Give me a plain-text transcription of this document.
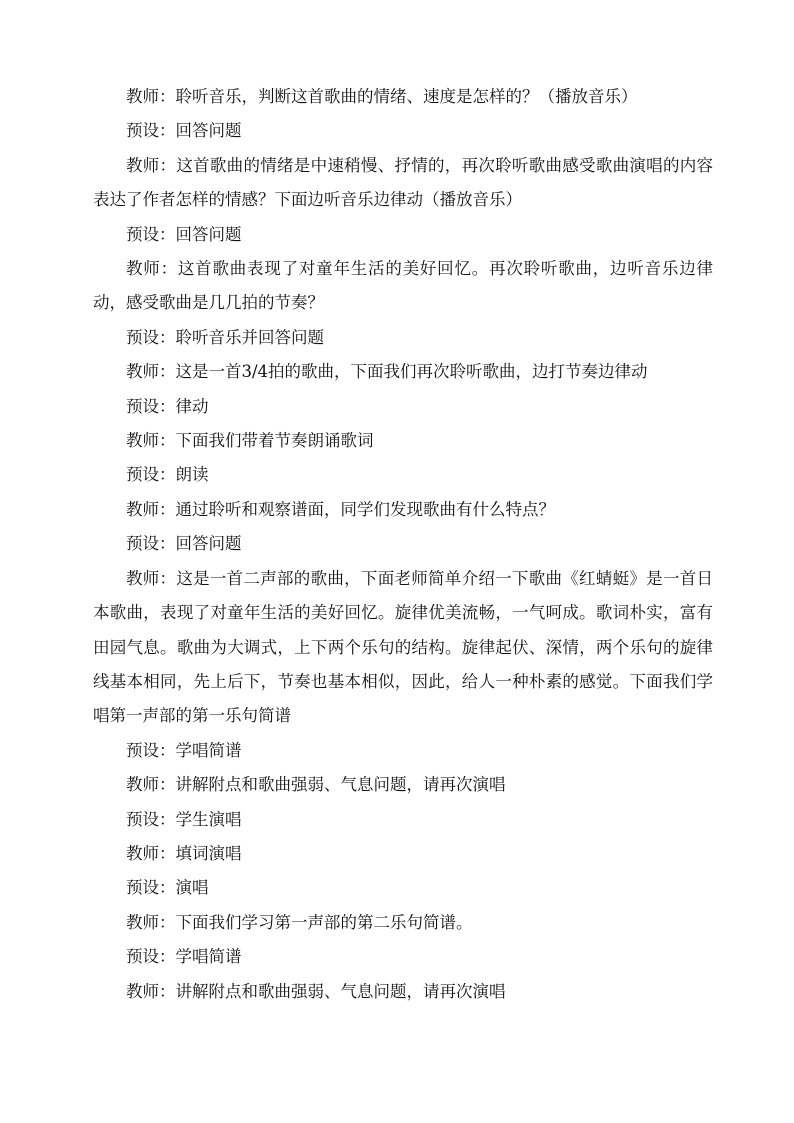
教师：聆听音乐，判断这首歌曲的情绪、速度是怎样的？（播放音乐）

预设：回答问题

教师：这首歌曲的情绪是中速稍慢、抒情的，再次聆听歌曲感受歌曲演唱的内容表达了作者怎样的情感？下面边听音乐边律动（播放音乐）

预设：回答问题

教师：这首歌曲表现了对童年生活的美好回忆。再次聆听歌曲，边听音乐边律动，感受歌曲是几几拍的节奏？

预设：聆听音乐并回答问题

教师：这是一首3/4拍的歌曲，下面我们再次聆听歌曲，边打节奏边律动

预设：律动

教师：下面我们带着节奏朗诵歌词

预设：朗读

教师：通过聆听和观察谱面，同学们发现歌曲有什么特点？

预设：回答问题

教师：这是一首二声部的歌曲，下面老师简单介绍一下歌曲《红蜻蜓》是一首日本歌曲，表现了对童年生活的美好回忆。旋律优美流畅，一气呵成。歌词朴实，富有田园气息。歌曲为大调式，上下两个乐句的结构。旋律起伏、深情，两个乐句的旋律线基本相同，先上后下，节奏也基本相似，因此，给人一种朴素的感觉。下面我们学唱第一声部的第一乐句简谱

预设：学唱简谱

教师：讲解附点和歌曲强弱、气息问题，请再次演唱

预设：学生演唱

教师：填词演唱

预设：演唱

教师：下面我们学习第一声部的第二乐句简谱。

预设：学唱简谱

教师：讲解附点和歌曲强弱、气息问题，请再次演唱
